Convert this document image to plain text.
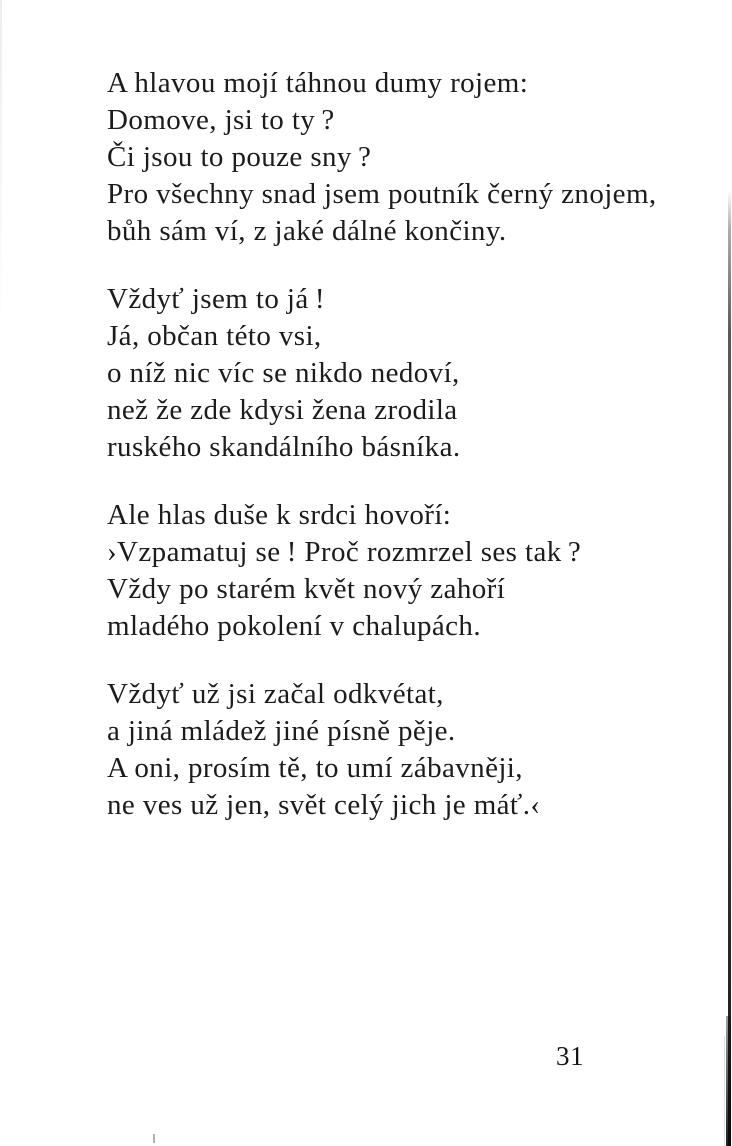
A hlavou mojí táhnou dumy rojem:
Domove, jsi to ty ?
Či jsou to pouze sny ?
Pro všechny snad jsem poutník černý znojem,
bůh sám ví, z jaké dálné končiny.
Vždyť jsem to já !
Já, občan této vsi,
o níž nic víc se nikdo nedoví,
než že zde kdysi žena zrodila
ruského skandálního básníka.
Ale hlas duše k srdci hovoří:
›Vzpamatuj se ! Proč rozmrzel ses tak ?
Vždy po starém květ nový zahoří
mladého pokolení v chalupách.
Vždyť už jsi začal odkvétat,
a jiná mládež jiné písně pěje.
A oni, prosím tě, to umí zábavněji,
ne ves už jen, svět celý jich je máť.‹
31
